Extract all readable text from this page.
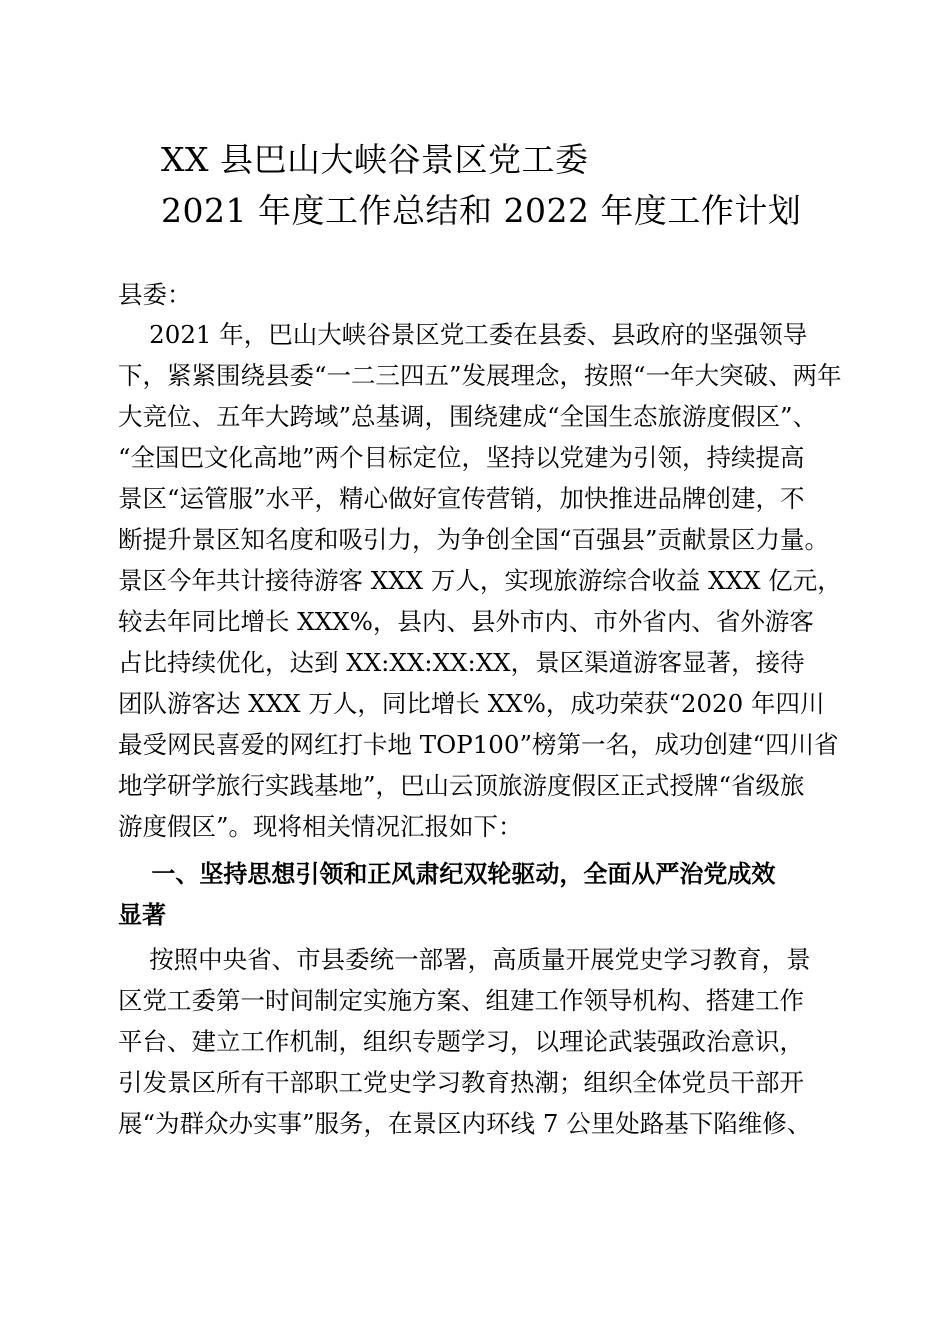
XX 县巴山大峡谷景区党工委
2021 年度工作总结和 2022 年度工作计划
县委：
2021 年，巴山大峡谷景区党工委在县委、县政府的坚强领导
下，紧紧围绕县委“一二三四五”发展理念，按照“一年大突破、两年
大竞位、五年大跨域”总基调，围绕建成“全国生态旅游度假区”、
“全国巴文化高地”两个目标定位，坚持以党建为引领，持续提高
景区“运管服”水平，精心做好宣传营销，加快推进品牌创建，不
断提升景区知名度和吸引力，为争创全国“百强县”贡献景区力量。
景区今年共计接待游客 XXX 万人，实现旅游综合收益 XXX 亿元，
较去年同比增长 XXX%，县内、县外市内、市外省内、省外游客
占比持续优化，达到 XX:XX:XX:XX，景区渠道游客显著，接待
团队游客达 XXX 万人，同比增长 XX%，成功荣获“2020 年四川
最受网民喜爱的网红打卡地 TOP100”榜第一名，成功创建“四川省
地学研学旅行实践基地”，巴山云顶旅游度假区正式授牌“省级旅
游度假区”。现将相关情况汇报如下：
一、坚持思想引领和正风肃纪双轮驱动，全面从严治党成效
显著
按照中央省、市县委统一部署，高质量开展党史学习教育，景
区党工委第一时间制定实施方案、组建工作领导机构、搭建工作
平台、建立工作机制，组织专题学习，以理论武装强政治意识，
引发景区所有干部职工党史学习教育热潮；组织全体党员干部开
展“为群众办实事”服务，在景区内环线 7 公里处路基下陷维修、
